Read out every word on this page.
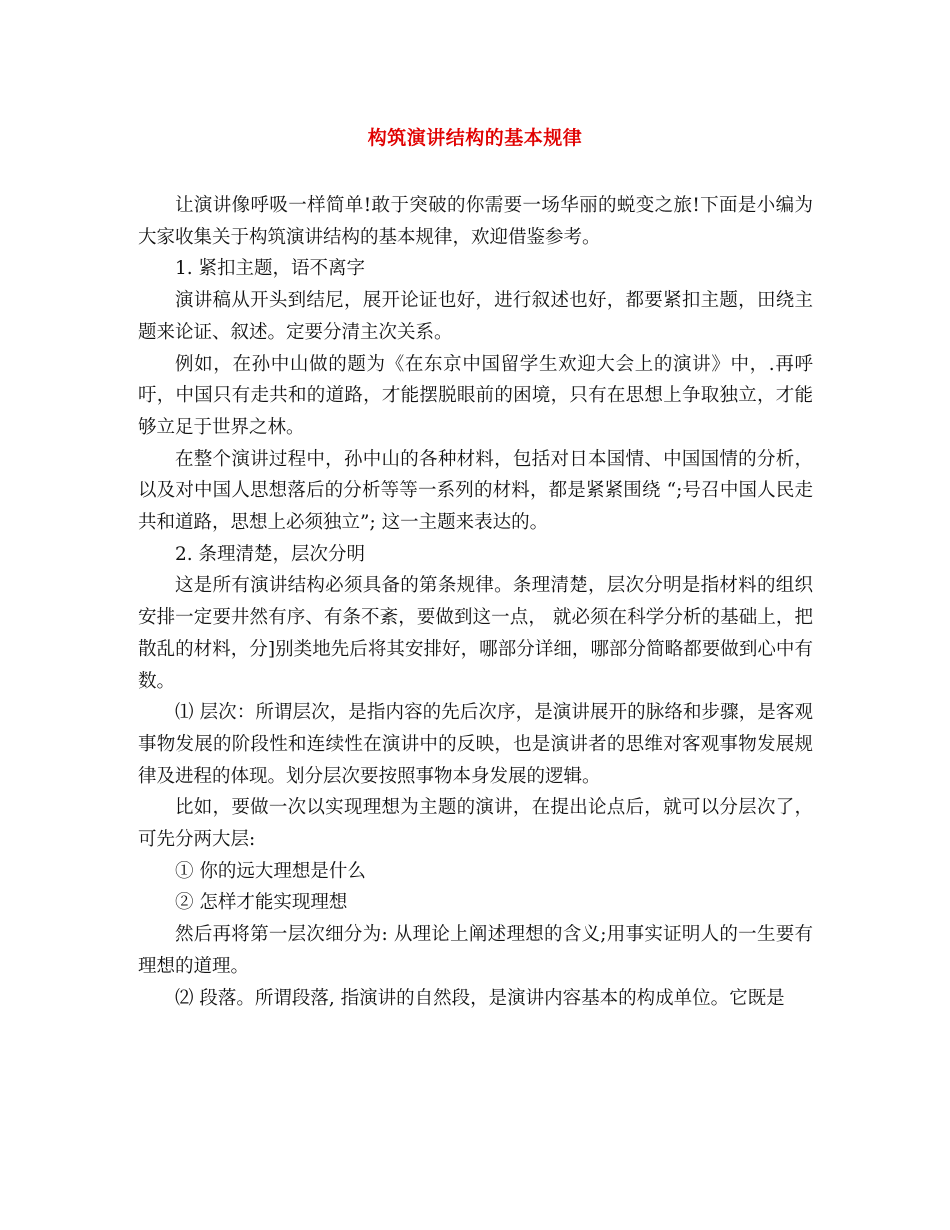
构筑演讲结构的基本规律

让演讲像呼吸一样简单!敢于突破的你需要一场华丽的蜕变之旅!下面是小编为大家收集关于构筑演讲结构的基本规律，欢迎借鉴参考。

1. 紧扣主题，语不离字

演讲稿从开头到结尼，展开论证也好，进行叙述也好，都要紧扣主题，田绕主题来论证、叙述。定要分清主次关系。

例如，在孙中山做的题为《在东京中国留学生欢迎大会上的演讲》中，.再呼吁，中国只有走共和的道路，才能摆脱眼前的困境，只有在思想上争取独立，才能够立足于世界之林。

在整个演讲过程中，孙中山的各种材料，包括对日本国情、中国国情的分析，以及对中国人思想落后的分析等等一系列的材料，都是紧紧围绕 “;号召中国人民走共和道路，思想上必须独立”; 这一主题来表达的。

2. 条理清楚，层次分明

这是所有演讲结构必须具备的第条规律。条理清楚，层次分明是指材料的组织安排一定要井然有序、有条不紊，要做到这一点， 就必须在科学分析的基础上，把散乱的材料，分]别类地先后将其安排好，哪部分详细，哪部分简略都要做到心中有数。

⑴ 层次：所谓层次，是指内容的先后次序，是演讲展开的脉络和步骤，是客观事物发展的阶段性和连续性在演讲中的反映，也是演讲者的思维对客观事物发展规律及进程的体现。划分层次要按照事物本身发展的逻辑。

比如，要做一次以实现理想为主题的演讲，在提出论点后，就可以分层次了，可先分两大层:

① 你的远大理想是什么

② 怎样才能实现理想

然后再将第一层次细分为: 从理论上阐述理想的含义;用事实证明人的一生要有理想的道理。

⑵ 段落。所谓段落, 指演讲的自然段，是演讲内容基本的构成单位。它既是
